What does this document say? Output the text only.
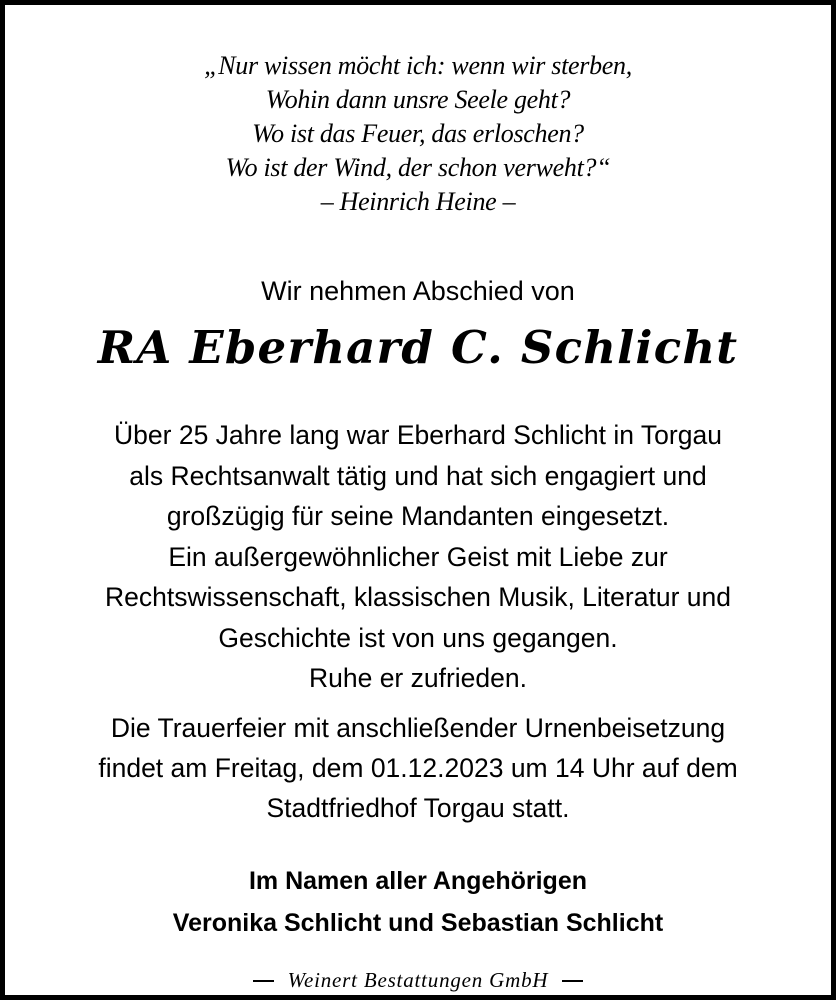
„Nur wissen möcht ich: wenn wir sterben,
Wohin dann unsre Seele geht?
Wo ist das Feuer, das erloschen?
Wo ist der Wind, der schon verweht?“
– Heinrich Heine –
Wir nehmen Abschied von
RA Eberhard C. Schlicht
Über 25 Jahre lang war Eberhard Schlicht in Torgau
als Rechtsanwalt tätig und hat sich engagiert und
großzügig für seine Mandanten eingesetzt.
Ein außergewöhnlicher Geist mit Liebe zur
Rechtswissenschaft, klassischen Musik, Literatur und
Geschichte ist von uns gegangen.
Ruhe er zufrieden.
Die Trauerfeier mit anschließender Urnenbeisetzung
findet am Freitag, dem 01.12.2023 um 14 Uhr auf dem
Stadtfriedhof Torgau statt.
Im Namen aller Angehörigen
Veronika Schlicht und Sebastian Schlicht
Weinert Bestattungen GmbH
